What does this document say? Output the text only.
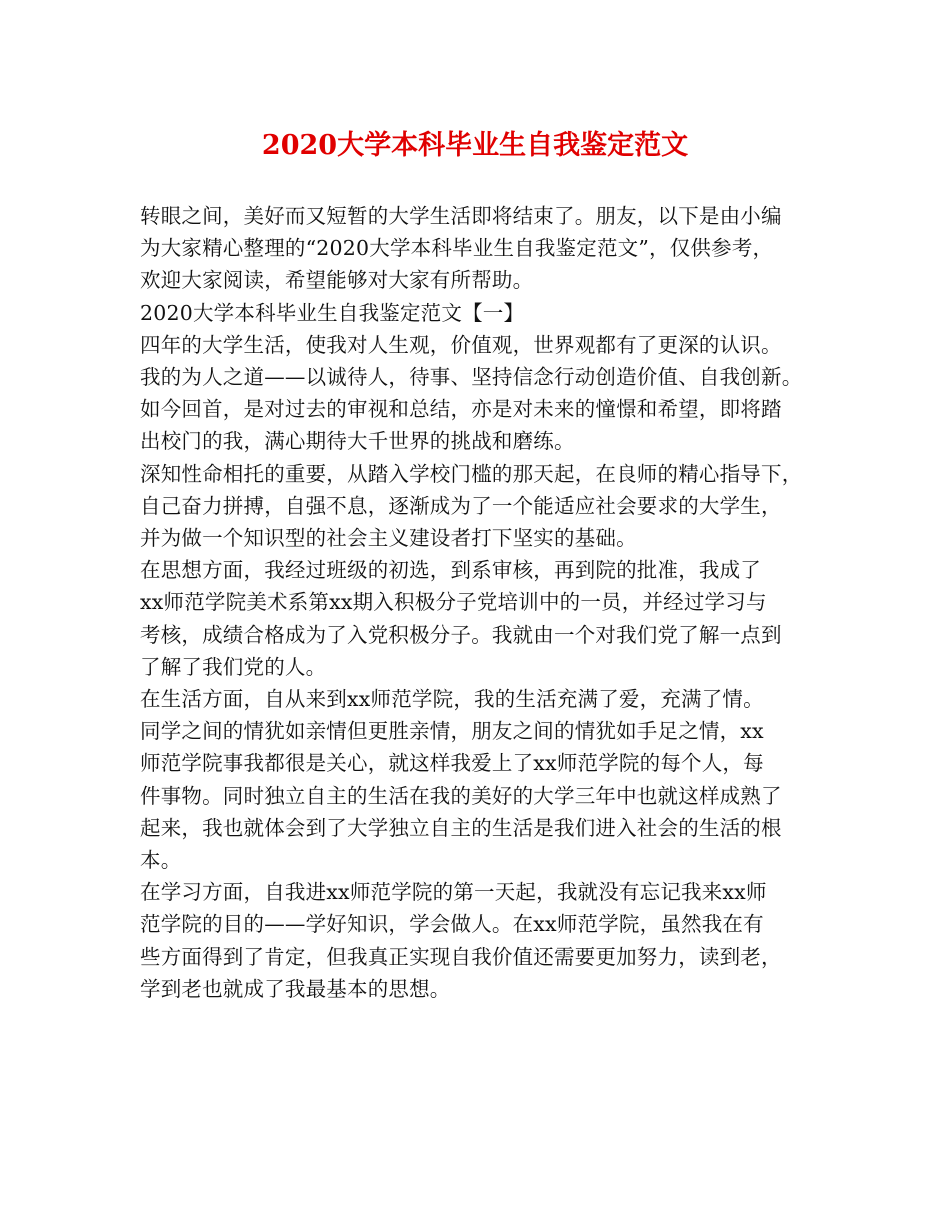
2020大学本科毕业生自我鉴定范文
转眼之间，美好而又短暂的大学生活即将结束了。朋友，以下是由小编
为大家精心整理的“2020大学本科毕业生自我鉴定范文”，仅供参考，
欢迎大家阅读，希望能够对大家有所帮助。
2020大学本科毕业生自我鉴定范文【一】
四年的大学生活，使我对人生观，价值观，世界观都有了更深的认识。
我的为人之道——以诚待人，待事、坚持信念行动创造价值、自我创新。
如今回首，是对过去的审视和总结，亦是对未来的憧憬和希望，即将踏
出校门的我，满心期待大千世界的挑战和磨练。
深知性命相托的重要，从踏入学校门槛的那天起，在良师的精心指导下，
自己奋力拼搏，自强不息，逐渐成为了一个能适应社会要求的大学生，
并为做一个知识型的社会主义建设者打下坚实的基础。
在思想方面，我经过班级的初选，到系审核，再到院的批准，我成了
xx师范学院美术系第xx期入积极分子党培训中的一员，并经过学习与
考核，成绩合格成为了入党积极分子。我就由一个对我们党了解一点到
了解了我们党的人。
在生活方面，自从来到xx师范学院，我的生活充满了爱，充满了情。
同学之间的情犹如亲情但更胜亲情，朋友之间的情犹如手足之情，xx
师范学院事我都很是关心，就这样我爱上了xx师范学院的每个人，每
件事物。同时独立自主的生活在我的美好的大学三年中也就这样成熟了
起来，我也就体会到了大学独立自主的生活是我们进入社会的生活的根
本。
在学习方面，自我进xx师范学院的第一天起，我就没有忘记我来xx师
范学院的目的——学好知识，学会做人。在xx师范学院，虽然我在有
些方面得到了肯定，但我真正实现自我价值还需要更加努力，读到老，
学到老也就成了我最基本的思想。
